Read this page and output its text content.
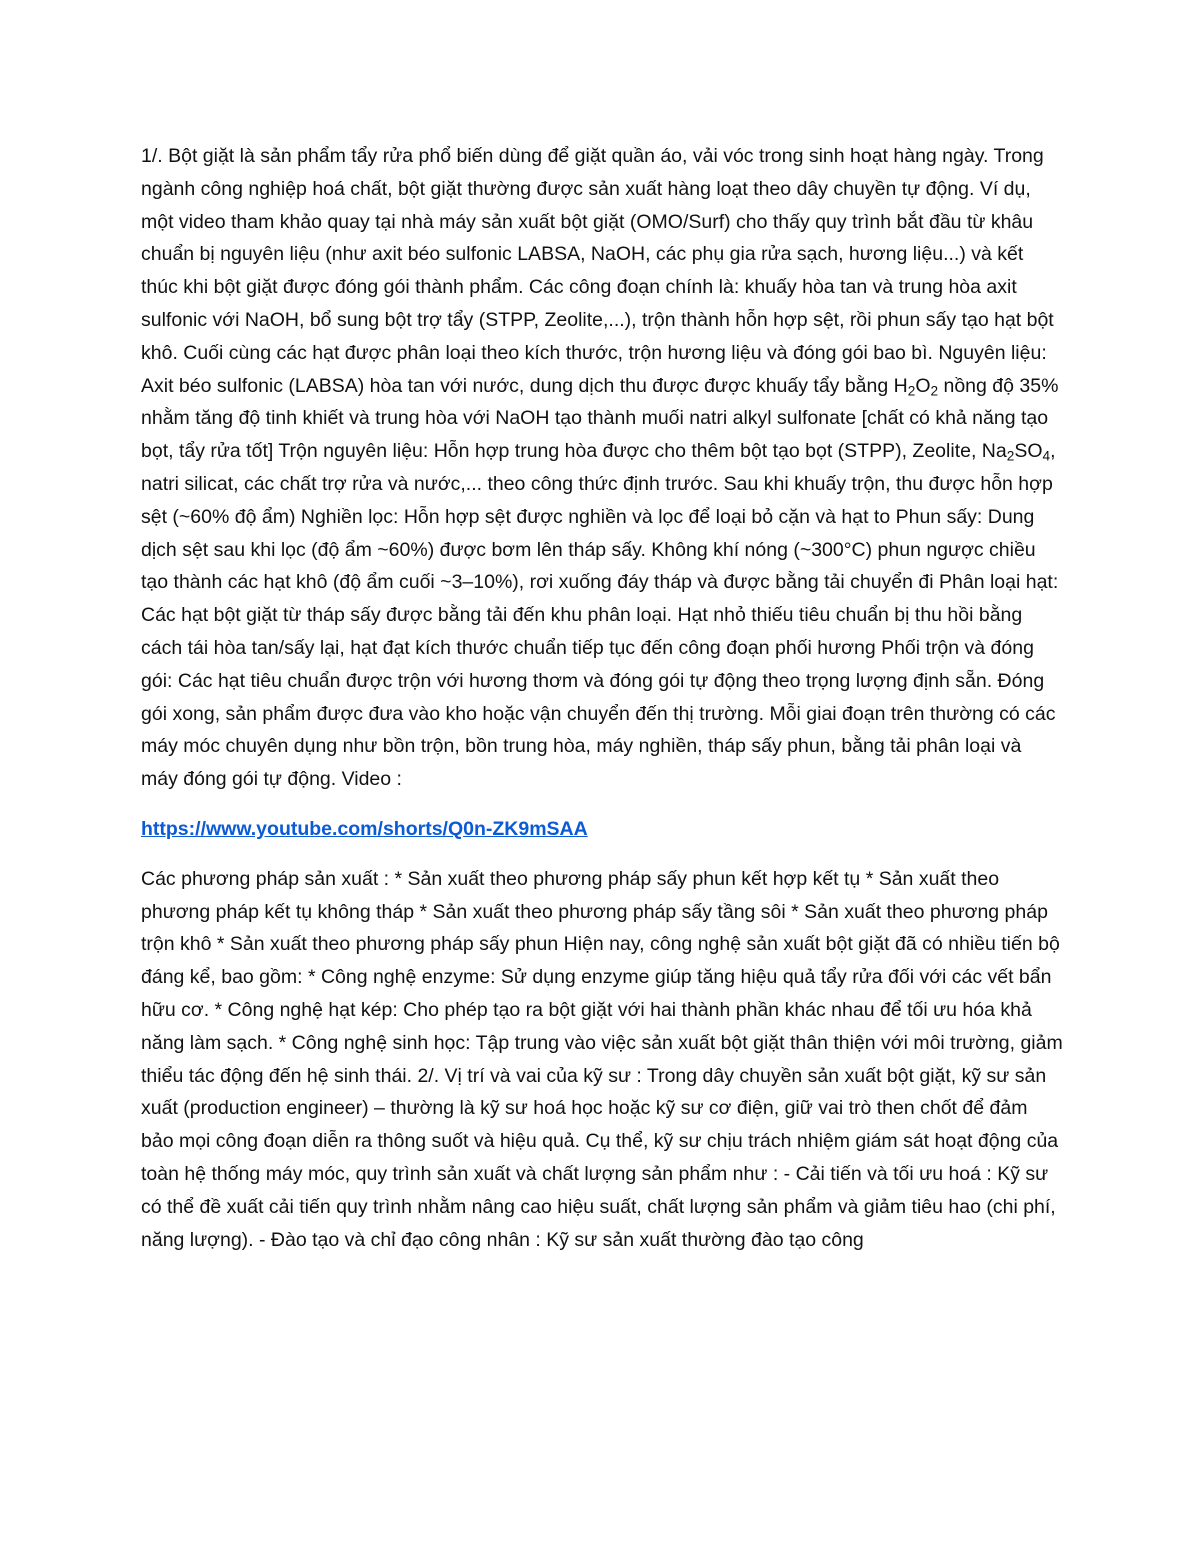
1/. Bột giặt là sản phẩm tẩy rửa phổ biến dùng để giặt quần áo, vải vóc trong sinh hoạt hàng ngày. Trong ngành công nghiệp hoá chất, bột giặt thường được sản xuất hàng loạt theo dây chuyền tự động. Ví dụ, một video tham khảo quay tại nhà máy sản xuất bột giặt (OMO/Surf) cho thấy quy trình bắt đầu từ khâu chuẩn bị nguyên liệu (như axit béo sulfonic LABSA, NaOH, các phụ gia rửa sạch, hương liệu...) và kết thúc khi bột giặt được đóng gói thành phẩm. Các công đoạn chính là: khuấy hòa tan và trung hòa axit sulfonic với NaOH, bổ sung bột trợ tẩy (STPP, Zeolite,...), trộn thành hỗn hợp sệt, rồi phun sấy tạo hạt bột khô. Cuối cùng các hạt được phân loại theo kích thước, trộn hương liệu và đóng gói bao bì. Nguyên liệu: Axit béo sulfonic (LABSA) hòa tan với nước, dung dịch thu được được khuấy tẩy bằng $H_2O_2$ nồng độ 35% nhằm tăng độ tinh khiết và trung hòa với NaOH tạo thành muối natri alkyl sulfonate [chất có khả năng tạo bọt, tẩy rửa tốt] Trộn nguyên liệu: Hỗn hợp trung hòa được cho thêm bột tạo bọt (STPP), Zeolite, $Na_2SO_4$, natri silicat, các chất trợ rửa và nước,... theo công thức định trước. Sau khi khuấy trộn, thu được hỗn hợp sệt (~60% độ ẩm) Nghiền lọc: Hỗn hợp sệt được nghiền và lọc để loại bỏ cặn và hạt to Phun sấy: Dung dịch sệt sau khi lọc (độ ẩm ~60%) được bơm lên tháp sấy. Không khí nóng (~300°C) phun ngược chiều tạo thành các hạt khô (độ ẩm cuối ~3–10%), rơi xuống đáy tháp và được bằng tải chuyển đi Phân loại hạt: Các hạt bột giặt từ tháp sấy được bằng tải đến khu phân loại. Hạt nhỏ thiếu tiêu chuẩn bị thu hồi bằng cách tái hòa tan/sấy lại, hạt đạt kích thước chuẩn tiếp tục đến công đoạn phối hương Phối trộn và đóng gói: Các hạt tiêu chuẩn được trộn với hương thơm và đóng gói tự động theo trọng lượng định sẵn. Đóng gói xong, sản phẩm được đưa vào kho hoặc vận chuyển đến thị trường. Mỗi giai đoạn trên thường có các máy móc chuyên dụng như bồn trộn, bồn trung hòa, máy nghiền, tháp sấy phun, bằng tải phân loại và máy đóng gói tự động. Video :

https://www.youtube.com/shorts/Q0n-ZK9mSAA

Các phương pháp sản xuất : * Sản xuất theo phương pháp sấy phun kết hợp kết tụ * Sản xuất theo phương pháp kết tụ không tháp * Sản xuất theo phương pháp sấy tầng sôi * Sản xuất theo phương pháp trộn khô * Sản xuất theo phương pháp sấy phun Hiện nay, công nghệ sản xuất bột giặt đã có nhiều tiến bộ đáng kể, bao gồm: * Công nghệ enzyme: Sử dụng enzyme giúp tăng hiệu quả tẩy rửa đối với các vết bẩn hữu cơ. * Công nghệ hạt kép: Cho phép tạo ra bột giặt với hai thành phần khác nhau để tối ưu hóa khả năng làm sạch. * Công nghệ sinh học: Tập trung vào việc sản xuất bột giặt thân thiện với môi trường, giảm thiểu tác động đến hệ sinh thái. 2/. Vị trí và vai của kỹ sư : Trong dây chuyền sản xuất bột giặt, kỹ sư sản xuất (production engineer) – thường là kỹ sư hoá học hoặc kỹ sư cơ điện, giữ vai trò then chốt để đảm bảo mọi công đoạn diễn ra thông suốt và hiệu quả. Cụ thể, kỹ sư chịu trách nhiệm giám sát hoạt động của toàn hệ thống máy móc, quy trình sản xuất và chất lượng sản phẩm như : - Cải tiến và tối ưu hoá : Kỹ sư có thể đề xuất cải tiến quy trình nhằm nâng cao hiệu suất, chất lượng sản phẩm và giảm tiêu hao (chi phí, năng lượng). - Đào tạo và chỉ đạo công nhân : Kỹ sư sản xuất thường đào tạo công
